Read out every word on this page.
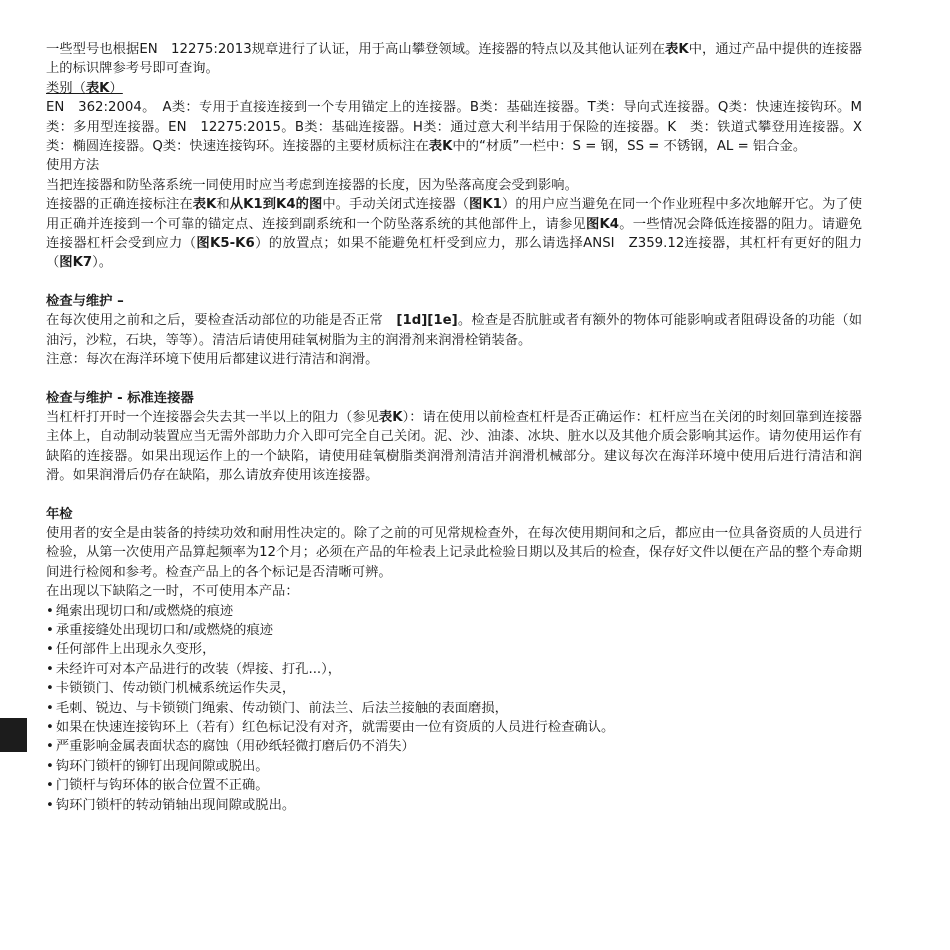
一些型号也根据EN　12275:2013规章进行了认证，用于高山攀登领域。连接器的特点以及其他认证列在表K中，通过产品中提供的连接器上的标识牌参考号即可查询。

类别（表K）

EN　362:2004。　A类：专用于直接连接到一个专用锚定上的连接器。B类：基础连接器。T类：导向式连接器。Q类：快速连接钩环。M类：多用型连接器。EN　12275:2015。B类：基础连接器。H类：通过意大利半结用于保险的连接器。K　类：铁道式攀登用连接器。X类：椭圆连接器。Q类：快速连接钩环。连接器的主要材质标注在表K中的“材质”一栏中：S = 钢，SS = 不锈钢，AL = 铝合金。

使用方法

当把连接器和防坠落系统一同使用时应当考虑到连接器的长度，因为坠落高度会受到影响。

连接器的正确连接标注在表K和从K1到K4的图中。手动关闭式连接器（图K1）的用户应当避免在同一个作业班程中多次地解开它。为了使用正确并连接到一个可靠的锚定点、连接到副系统和一个防坠落系统的其他部件上，请参见图K4。一些情况会降低连接器的阻力。请避免连接器杠杆会受到应力（图K5-K6）的放置点；如果不能避免杠杆受到应力，那么请选择ANSI　Z359.12连接器，其杠杆有更好的阻力（图K7）。

检查与维护 –

在每次使用之前和之后，要检查活动部位的功能是否正常　[1d][1e]。检查是否肮脏或者有额外的物体可能影响或者阻碍设备的功能（如油污，沙粒，石块，等等）。清洁后请使用硅氧树脂为主的润滑剂来润滑栓销装备。

注意：每次在海洋环境下使用后都建议进行清洁和润滑。

检查与维护 - 标准连接器

当杠杆打开时一个连接器会失去其一半以上的阻力（参见表K）：请在使用以前检查杠杆是否正确运作：杠杆应当在关闭的时刻回靠到连接器主体上，自动制动装置应当无需外部助力介入即可完全自己关闭。泥、沙、油漆、冰块、脏水以及其他介质会影响其运作。请勿使用运作有缺陷的连接器。如果出现运作上的一个缺陷，请使用硅氧樹脂类润滑剂清洁并润滑机械部分。建议每次在海洋环境中使用后进行清洁和润滑。如果润滑后仍存在缺陷，那么请放弃使用该连接器。

年检

使用者的安全是由装备的持续功效和耐用性决定的。除了之前的可见常规检查外，在每次使用期间和之后，都应由一位具备资质的人员进行检验，从第一次使用产品算起频率为12个月；必须在产品的年检表上记录此检验日期以及其后的检查，保存好文件以便在产品的整个寿命期间进行检阅和参考。检查产品上的各个标记是否清晰可辨。

在出现以下缺陷之一时，不可使用本产品：

• 绳索出现切口和/或燃烧的痕迹
• 承重接缝处出现切口和/或燃烧的痕迹
• 任何部件上出现永久变形，
• 未经许可对本产品进行的改装（焊接、打孔...），
• 卡锁锁门、传动锁门机械系统运作失灵，
• 毛刺、锐边、与卡锁锁门绳索、传动锁门、前法兰、后法兰接触的表面磨损，
• 如果在快速连接钩环上（若有）红色标记没有对齐，就需要由一位有资质的人员进行检查确认。
• 严重影响金属表面状态的腐蚀（用砂纸轻微打磨后仍不消失）
• 钩环门锁杆的铆钉出现间隙或脱出。
• 门锁杆与钩环体的嵌合位置不正确。
• 钩环门锁杆的转动销轴出现间隙或脱出。
